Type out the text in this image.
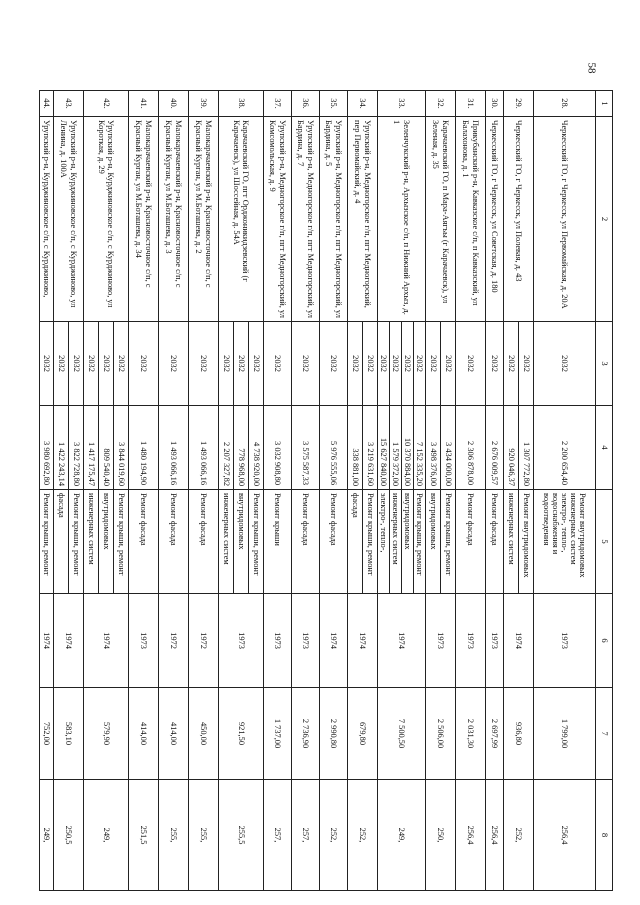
58
1	2	3	4	5	6	7	8
28.	Черкесский ГО, г Черкесск, ул Первомайская, д. 20А	2032	2 200 654,40	Ремонт внутридомовых инженерных систем электро-, тепло-, водоснабжения и водоотведения	1973	1 799,00	256,4
29.	Черкесский ГО, г Черкесск, ул Полевая, д. 43	2032	1 307 772,80	Ремонт внутридомовых	1974	936,80	252,
		2032	920 046,37	инженерных систем			
30.	Черкесский ГО, г Черкесск, ул Советская, д. 180	2032	2 676 009,57	Ремонт фасада	1973	2 697,99	256,4
31.	Прикубанский р-н, Кавказское с/п, п Кавказский, ул Балахонова, д. 1	2032	2 306 878,00	Ремонт фасада	1973	2 031,30	256,4
32.	Карачаевский ГО, п Мара-Аягъы (г Карачаевск), ул Зеленая, д. 35	2032	3 434 000,00	Ремонт крыши, ремонт	1973	2 506,00	250,
		2032	3 498 376,00	внутридомовых			
33.	Зеленчукский р-н, Архызское с/п, п Нижний Архыз, д. 1	2032	7 152 335,20	Ремонт крыши, ремонт	1974	7 500,50	249,
		2032	10 370 884,00	внутридомовых			
		2032	1 579 372,00	инженерных систем			
		2032	15 627 840,00	электро-, тепло-,			
34.	Урупский р-н, Медногорское г/п, пгт Медногорский, пер Первомайский, д. 4	2032	3 219 631,60	Ремонт крыши, ремонт	1974	679,80	252,
		2032	338 881,00	фасада			
35.	Урупский р-н, Медногорское г/п, пгт Медногорский, ул Бардина, д. 5	2032	5 976 555,06	Ремонт фасада	1974	2 990,80	252,
36.	Урупский р-н, Медногорское г/п, пгт Медногорский, ул Бардина, д. 7	2032	3 575 587,33	Ремонт фасада	1973	2 736,90	257,
37.	Урупский р-н, Медногорское г/п, пгт Медногорский, ул Комсомольская, д. 9	2032	3 032 908,80	Ремонт крыши	1973	1 737,00	257,
38.	Карачаевский ГО, пгт Орджоникидзевский (г Карачаевск), ул Шоссейная, д. 54А	2032	4 738 920,00	Ремонт крыши, ремонт	1973	921,50	255,5
		2032	778 968,00	внутридомовых			
		2032	2 207 327,82	инженерных систем			
39.	Малокарачаевский р-н, Красновосточное с/п, с Красный Курган, ул М.Боташева, д. 2	2032	1 493 066,16	Ремонт фасада	1972	450,00	255,
40.	Малокарачаевский р-н, Красновосточное с/п, с Красный Курган, ул М.Боташева, д. 3	2032	1 493 066,16	Ремонт фасада	1972	414,00	255,
41.	Малокарачаевский р-н, Красновосточное с/п, с Красный Курган, ул М.Боташева, д. 34	2032	1 480 194,90	Ремонт фасада	1973	414,00	251,5
42.	Урупский р-н, Курджиновское с/п, с Курджиново, ул Короткая, д. 29	2032	3 844 019,60	Ремонт крыши, ремонт	1974	579,90	249,
		2032	809 540,40	внутридомовых			
		2032	1 417 175,47	инженерных систем			
43.	Урупский р-н, Курджиновское с/п, с Курджиново, ул Ленина, д. 100А	2032	3 822 728,80	Ремонт крыши, ремонт	1974	583,10	250,5
		2032	1 422 243,14	фасада			
44.	Урупский р-н, Курджиновское с/п, с Курджиново,	2032	3 980 692,80	Ремонт крыши, ремонт	1974	752,00	249,
